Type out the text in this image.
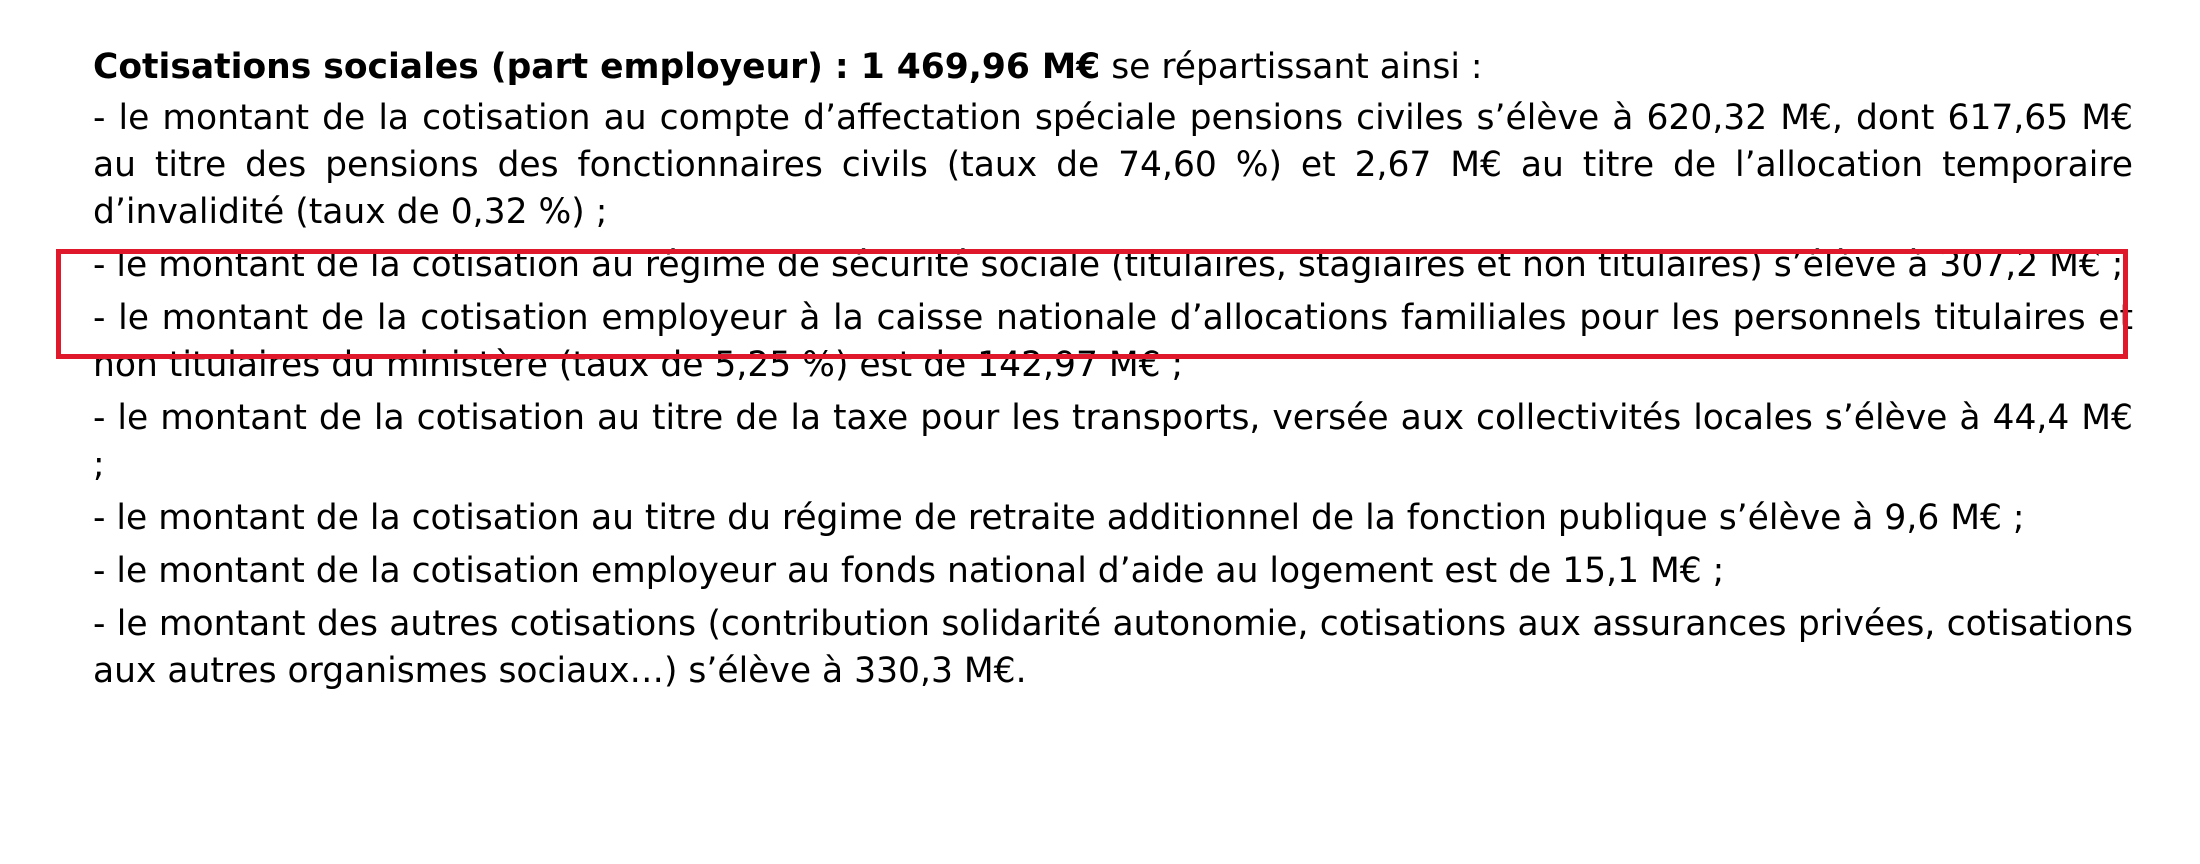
Cotisations sociales (part employeur) : 1 469,96 M€ se répartissant ainsi :

- le montant de la cotisation au compte d’affectation spéciale pensions civiles s’élève à 620,32 M€, dont 617,65 M€ au titre des pensions des fonctionnaires civils (taux de 74,60 %) et 2,67 M€ au titre de l’allocation temporaire d’invalidité (taux de 0,32 %) ;

- le montant de la cotisation au régime de sécurité sociale (titulaires, stagiaires et non titulaires) s’élève à 307,2 M€ ;

- le montant de la cotisation employeur à la caisse nationale d’allocations familiales pour les personnels titulaires et non titulaires du ministère (taux de 5,25 %) est de 142,97 M€ ;

- le montant de la cotisation au titre de la taxe pour les transports, versée aux collectivités locales s’élève à 44,4 M€ ;

- le montant de la cotisation au titre du régime de retraite additionnel de la fonction publique s’élève à 9,6 M€ ;

- le montant de la cotisation employeur au fonds national d’aide au logement est de 15,1 M€ ;

- le montant des autres cotisations (contribution solidarité autonomie, cotisations aux assurances privées, cotisations aux autres organismes sociaux…) s’élève à 330,3 M€.
